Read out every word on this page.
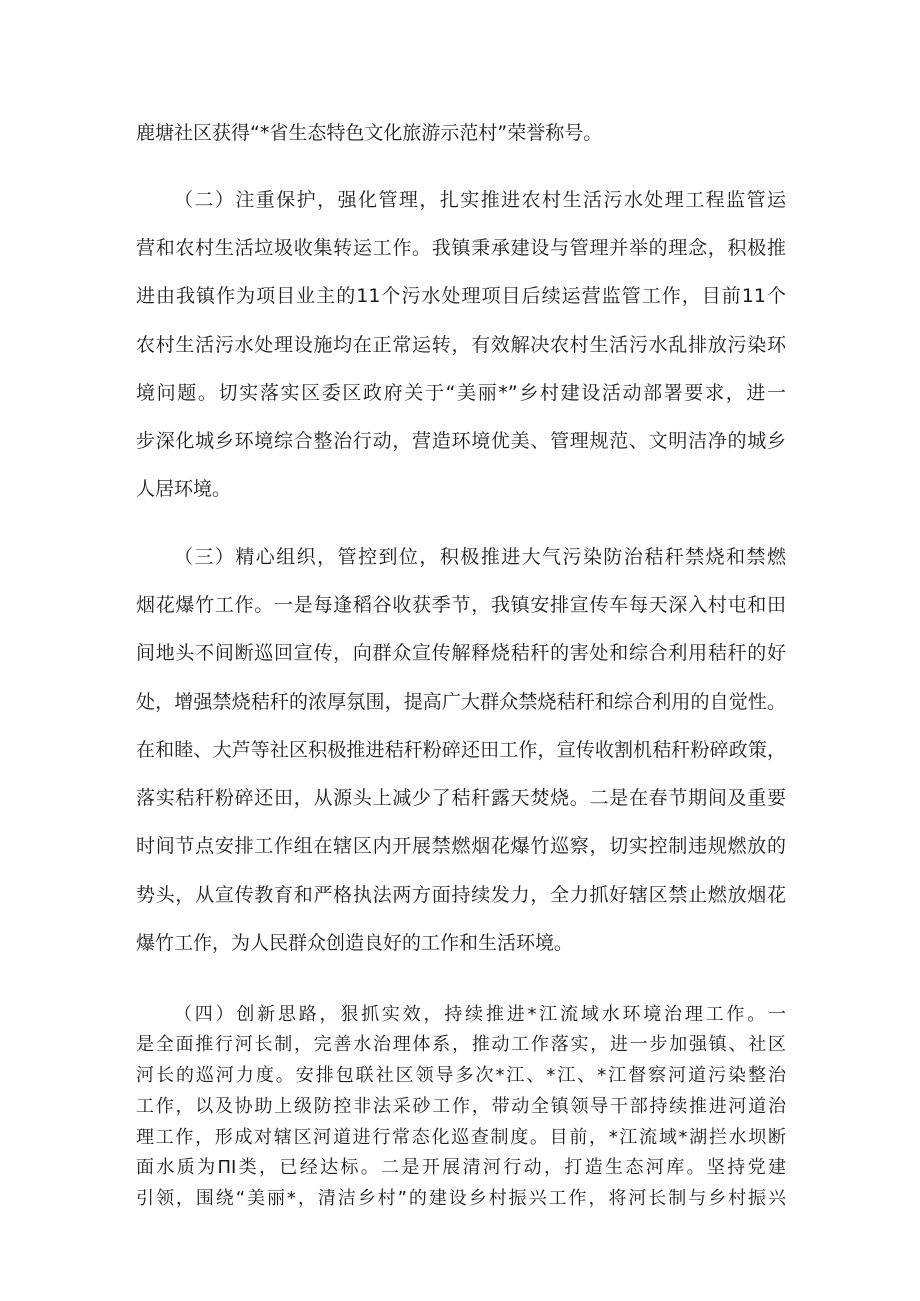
鹿塘社区获得“*省生态特色文化旅游示范村”荣誉称号。
（二）注重保护，强化管理，扎实推进农村生活污水处理工程监管运
营和农村生活垃圾收集转运工作。我镇秉承建设与管理并举的理念，积极推
进由我镇作为项目业主的11个污水处理项目后续运营监管工作，目前11个
农村生活污水处理设施均在正常运转，有效解决农村生活污水乱排放污染环
境问题。切实落实区委区政府关于“美丽*”乡村建设活动部署要求，进一
步深化城乡环境综合整治行动，营造环境优美、管理规范、文明洁净的城乡
人居环境。
（三）精心组织，管控到位，积极推进大气污染防治秸秆禁烧和禁燃
烟花爆竹工作。一是每逢稻谷收获季节，我镇安排宣传车每天深入村屯和田
间地头不间断巡回宣传，向群众宣传解释烧秸秆的害处和综合利用秸秆的好
处，增强禁烧秸秆的浓厚氛围，提高广大群众禁烧秸秆和综合利用的自觉性。
在和睦、大芦等社区积极推进秸秆粉碎还田工作，宣传收割机秸秆粉碎政策，
落实秸秆粉碎还田，从源头上减少了秸秆露天焚烧。二是在春节期间及重要
时间节点安排工作组在辖区内开展禁燃烟花爆竹巡察，切实控制违规燃放的
势头，从宣传教育和严格执法两方面持续发力，全力抓好辖区禁止燃放烟花
爆竹工作，为人民群众创造良好的工作和生活环境。
（四）创新思路，狠抓实效，持续推进*江流域水环境治理工作。一
是全面推行河长制，完善水治理体系，推动工作落实，进一步加强镇、社区
河长的巡河力度。安排包联社区领导多次*江、*江、*江督察河道污染整治
工作，以及协助上级防控非法采砂工作，带动全镇领导干部持续推进河道治
理工作，形成对辖区河道进行常态化巡查制度。目前，*江流域*湖拦水坝断
面水质为ΠI类，已经达标。二是开展清河行动，打造生态河库。坚持党建
引领，围绕“美丽*，清洁乡村”的建设乡村振兴工作，将河长制与乡村振兴
